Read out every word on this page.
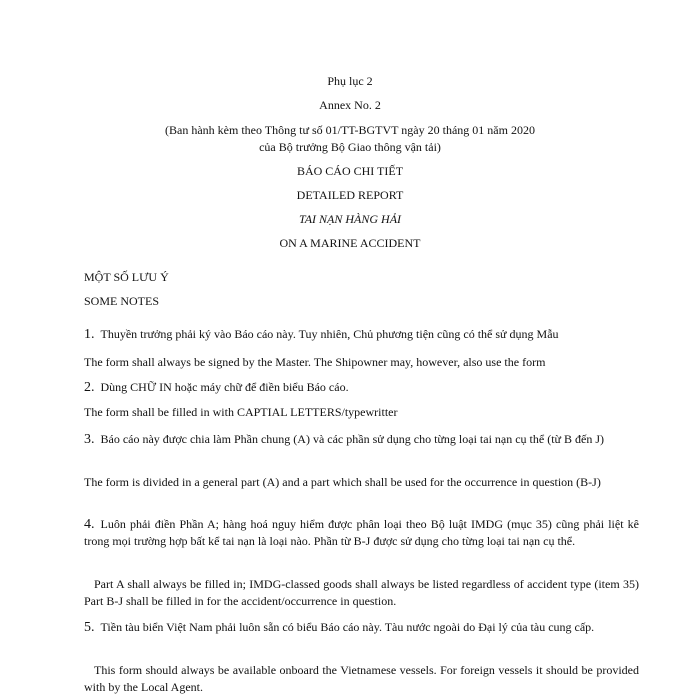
Phụ lục 2
Annex No. 2
(Ban hành kèm theo Thông tư số 01/TT-BGTVT ngày 20 tháng 01 năm 2020
của Bộ trưởng Bộ Giao thông vận tải)
BÁO CÁO CHI TIẾT
DETAILED REPORT
TAI NẠN HÀNG HẢI
ON A MARINE ACCIDENT
MỘT SỐ LƯU Ý
SOME NOTES
1. Thuyền trưởng phải ký vào Báo cáo này. Tuy nhiên, Chủ phương tiện cũng có thể sử dụng Mẫu
The form shall always be signed by the Master. The Shipowner may, however, also use the form
2. Dùng CHỮ IN hoặc máy chữ để điền biểu Báo cáo.
The form shall be filled in with CAPTIAL LETTERS/typewritter
3. Báo cáo này được chia làm Phần chung (A) và các phần sử dụng cho từng loại tai nạn cụ thể (từ B đến J)
The form is divided in a general part (A) and a part which shall be used for the occurrence in question (B-J)
4. Luôn phải điền Phần A; hàng hoá nguy hiểm được phân loại theo Bộ luật IMDG (mục 35) cũng phải liệt kê trong mọi trường hợp bất kể tai nạn là loại nào. Phần từ B-J được sử dụng cho từng loại tai nạn cụ thể.
Part A shall always be filled in; IMDG-classed goods shall always be listed regardless of accident type (item 35) Part B-J shall be filled in for the accident/occurrence in question.
5. Tiền tàu biển Việt Nam phải luôn sẵn có biểu Báo cáo này. Tàu nước ngoài do Đại lý của tàu cung cấp.
This form should always be available onboard the Vietnamese vessels. For foreign vessels it should be provided with by the Local Agent.
